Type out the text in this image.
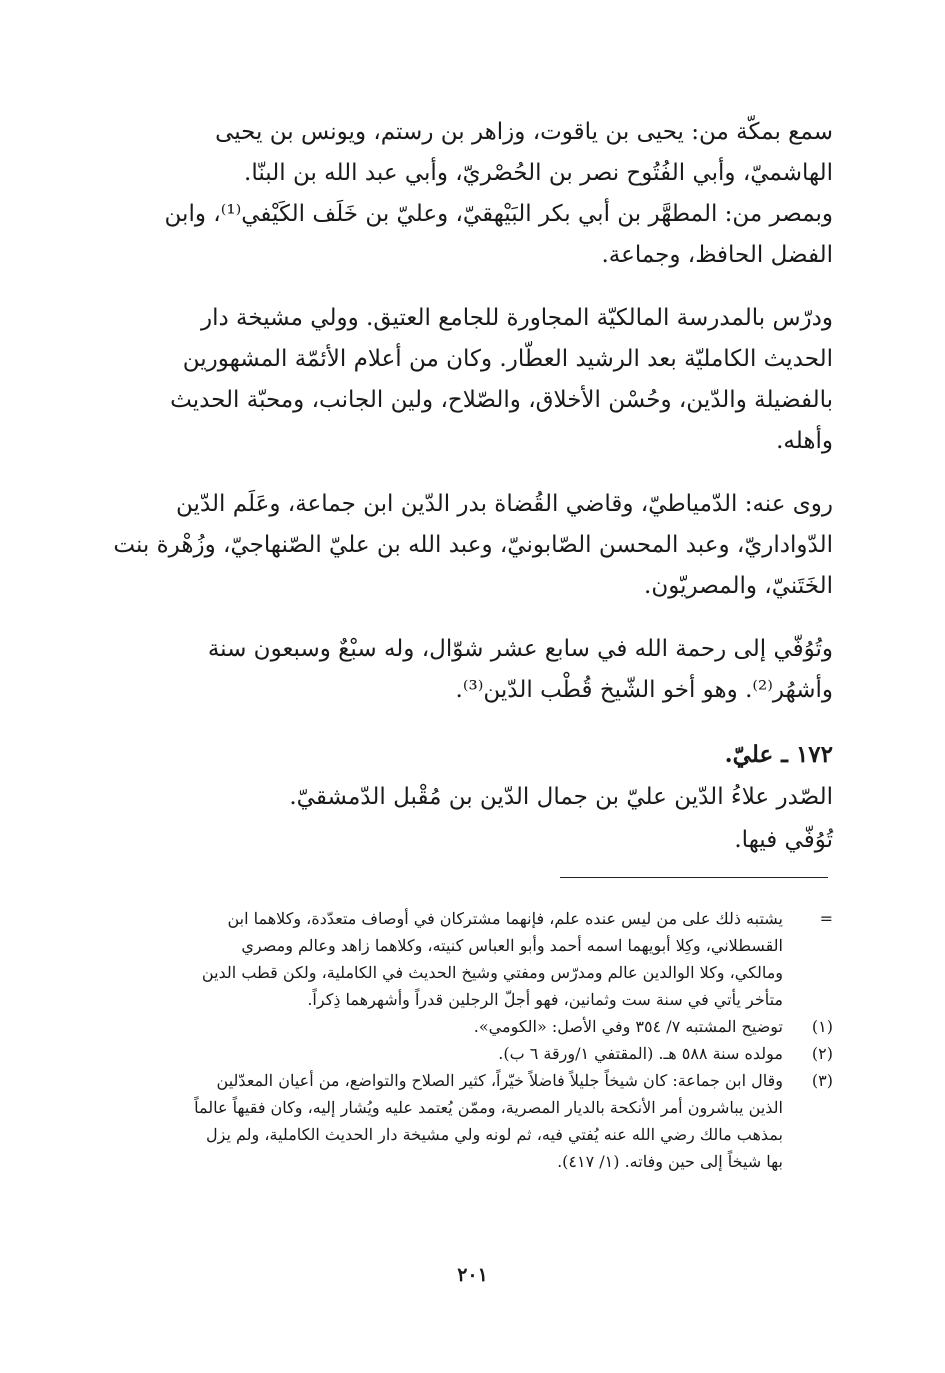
سمع بمكّة من: يحيى بن ياقوت، وزاهر بن رستم، ويونس بن يحيى
الهاشميّ، وأبي الفُتُوح نصر بن الحُصْريّ، وأبي عبد الله بن البنّا.
وبمصر من: المطهَّر بن أبي بكر البَيْهقيّ، وعليّ بن خَلَف الكَيْفي⁽¹⁾، وابن
الفضل الحافظ، وجماعة.

ودرّس بالمدرسة المالكيّة المجاورة للجامع العتيق. وولي مشيخة دار
الحديث الكامليّة بعد الرشيد العطّار. وكان من أعلام الأئمّة المشهورين
بالفضيلة والدّين، وحُسْن الأخلاق، والصّلاح، ولين الجانب، ومحبّة الحديث
وأهله.

روى عنه: الدّمياطيّ، وقاضي القُضاة بدر الدّين ابن جماعة، وعَلَم الدّين
الدّواداريّ، وعبد المحسن الصّابونيّ، وعبد الله بن عليّ الصّنهاجيّ، وزُهْرة بنت
الخَتَنيّ، والمصريّون.

وتُوُفّي إلى رحمة الله في سابع عشر شوّال، وله سبْعٌ وسبعون سنة
وأشهُر⁽²⁾. وهو أخو الشّيخ قُطْب الدّين⁽³⁾.

١٧٢ ـ عليّ.
الصّدر علاءُ الدّين عليّ بن جمال الدّين بن مُقْبل الدّمشقيّ.
تُوُفّي فيها.
=
يشتبه ذلك على من ليس عنده علم، فإنهما مشتركان في أوصاف متعدّدة، وكلاهما ابن
القسطلاني، وكِلا أبويهما اسمه أحمد وأبو العباس كنيته، وكلاهما زاهد وعالم ومصري
ومالكي، وكلا الوالدين عالم ومدرّس ومفتي وشيخ الحديث في الكاملية، ولكن قطب الدين
متأخر يأتي في سنة ست وثمانين، فهو أجلّ الرجلين قدراً وأشهرهما ذِكراً.
(١)
توضيح المشتبه ٧/ ٣٥٤ وفي الأصل: «الكومي».
(٢)
مولده سنة ٥٨٨ هـ. (المقتفي ١/ورقة ٦ ب).
(٣)
وقال ابن جماعة: كان شيخاً جليلاً فاضلاً خيّراً، كثير الصلاح والتواضع، من أعيان المعدّلين
الذين يباشرون أمر الأنكحة بالديار المصرية، وممّن يُعتمد عليه ويُشار إليه، وكان فقيهاً عالماً
بمذهب مالك رضي الله عنه يُفتي فيه، ثم لونه ولي مشيخة دار الحديث الكاملية، ولم يزل
بها شيخاً إلى حين وفاته. (١/ ٤١٧).
٢٠١
